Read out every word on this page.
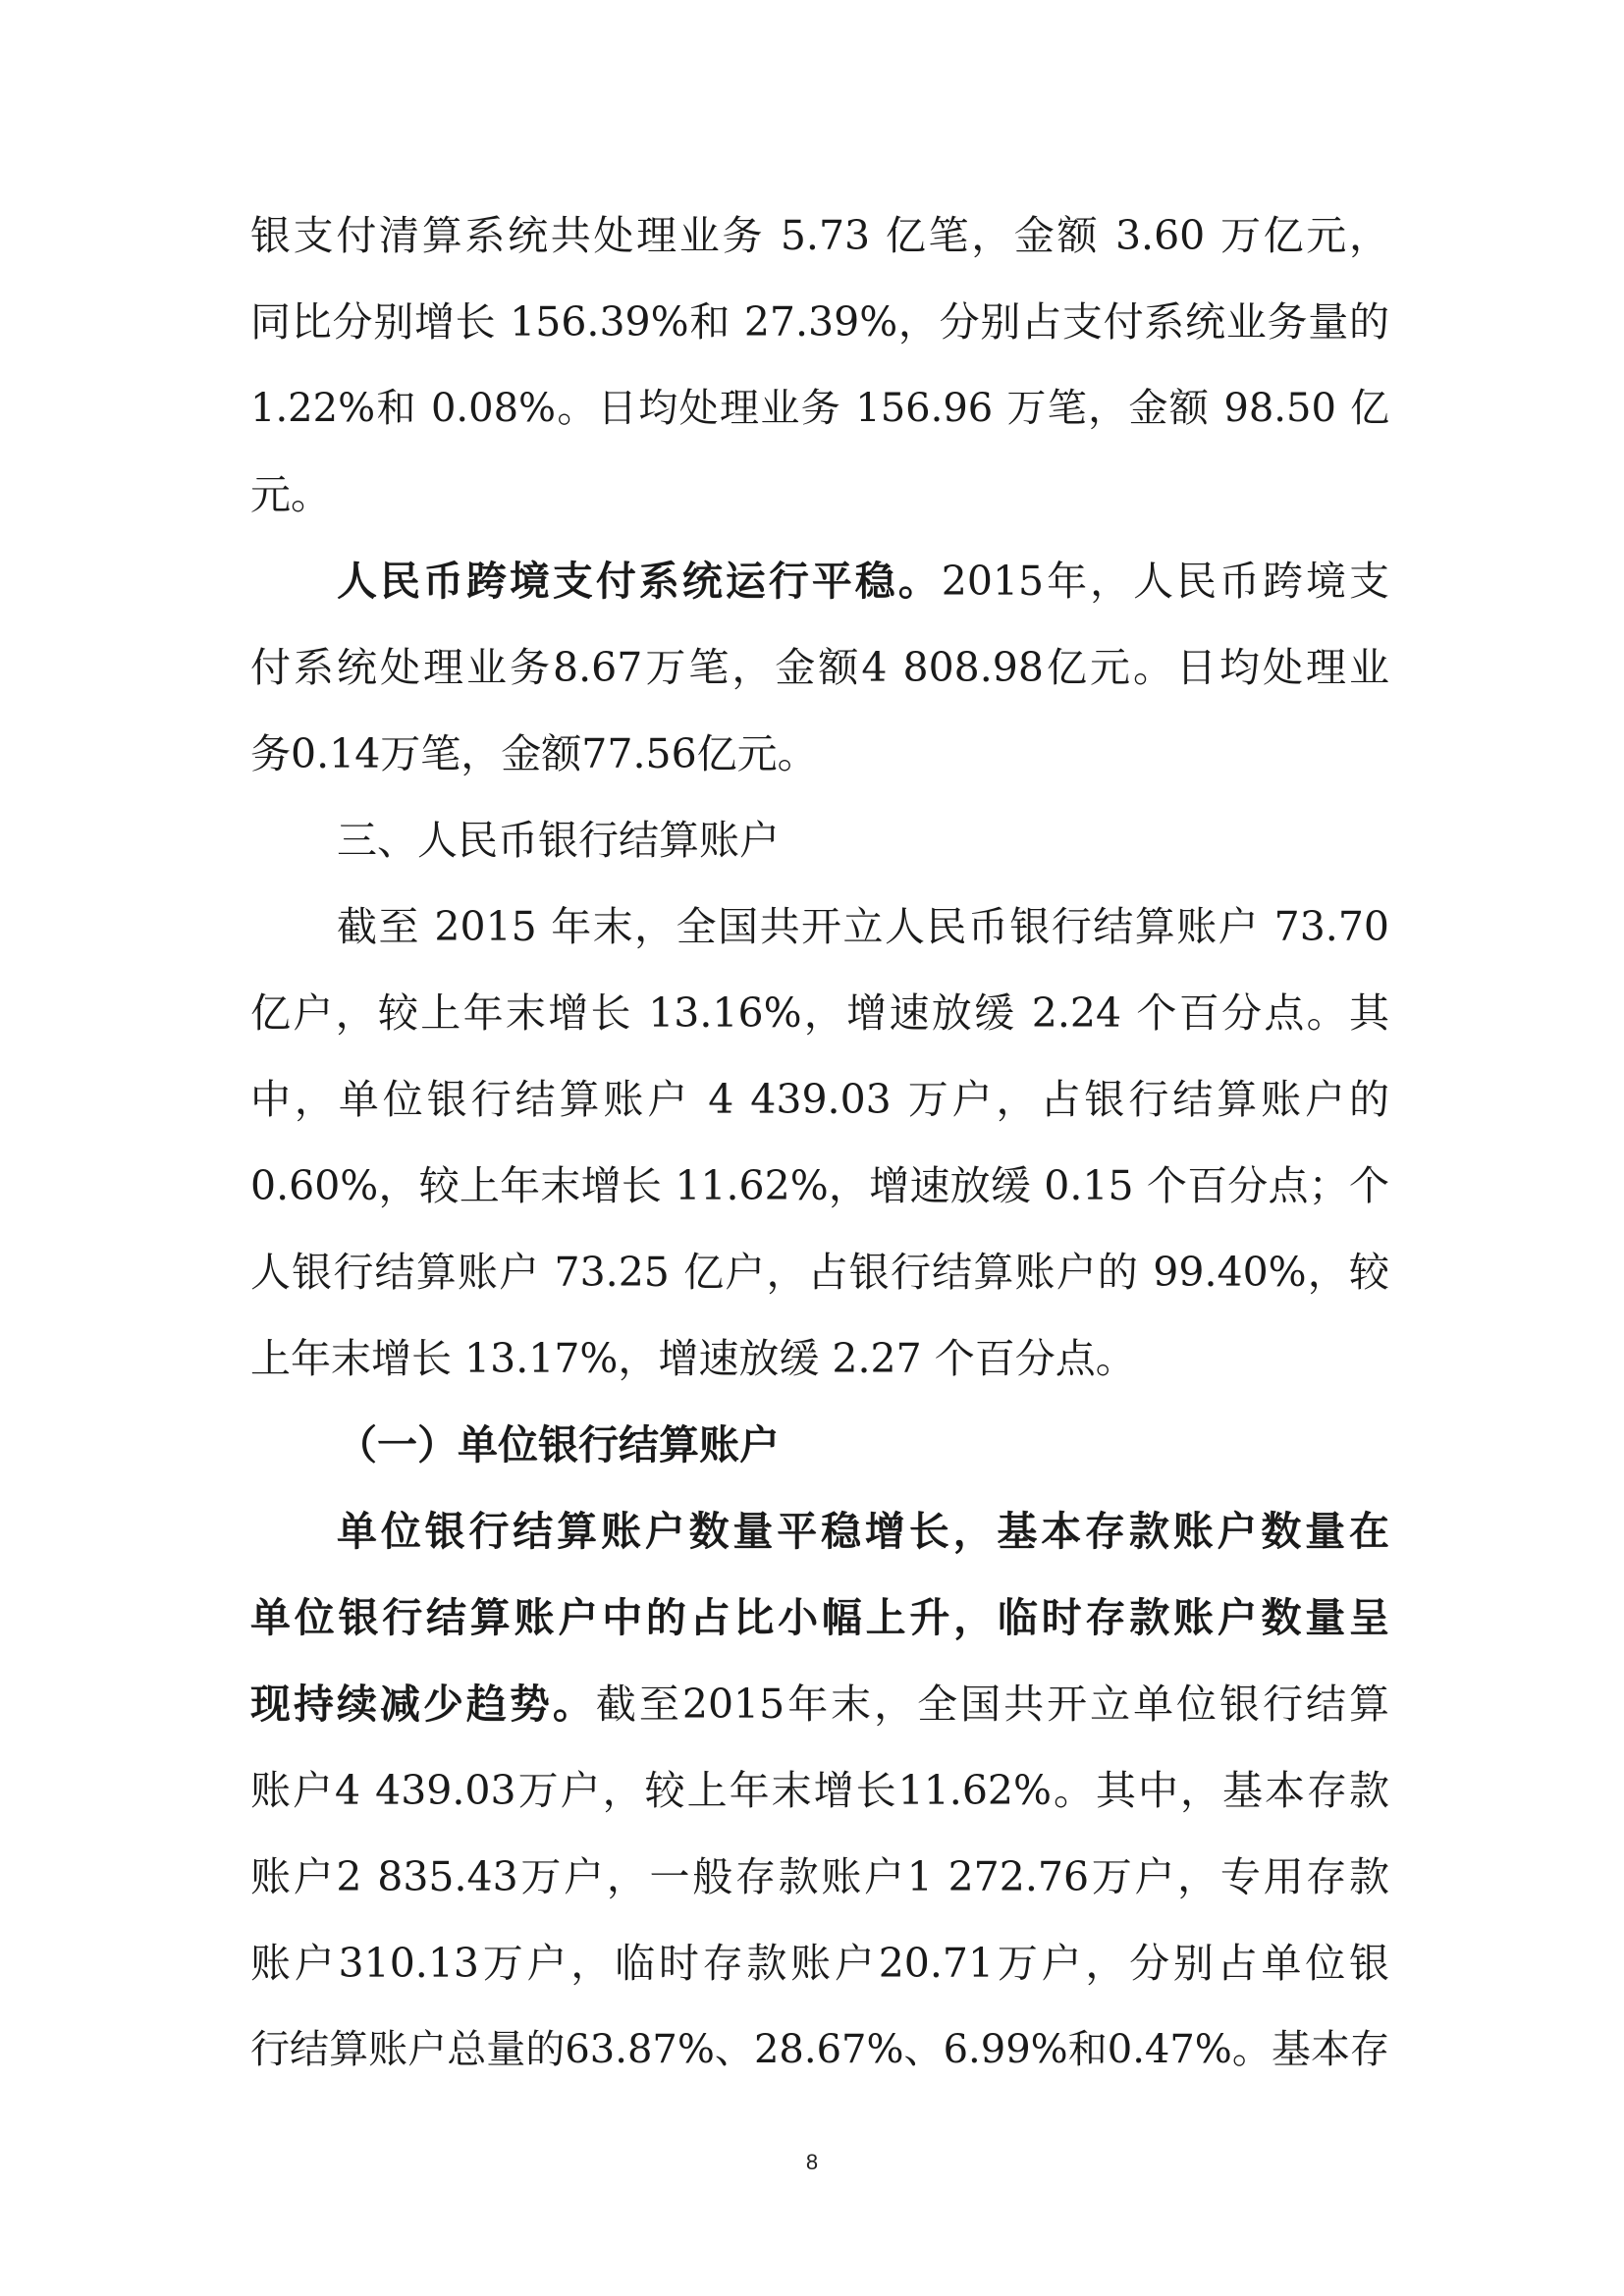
银支付清算系统共处理业务 5.73 亿笔，金额 3.60 万亿元，
同比分别增长 156.39%和 27.39%，分别占支付系统业务量的
1.22%和 0.08%。日均处理业务 156.96 万笔，金额 98.50 亿
元。
人民币跨境支付系统运行平稳。2015年，人民币跨境支
付系统处理业务8.67万笔，金额4 808.98亿元。日均处理业
务0.14万笔，金额77.56亿元。
三、人民币银行结算账户
截至 2015 年末，全国共开立人民币银行结算账户 73.70
亿户，较上年末增长 13.16%，增速放缓 2.24 个百分点。其
中，单位银行结算账户 4 439.03 万户，占银行结算账户的
0.60%，较上年末增长 11.62%，增速放缓 0.15 个百分点；个
人银行结算账户 73.25 亿户，占银行结算账户的 99.40%，较
上年末增长 13.17%，增速放缓 2.27 个百分点。
（一）单位银行结算账户
单位银行结算账户数量平稳增长，基本存款账户数量在
单位银行结算账户中的占比小幅上升，临时存款账户数量呈
现持续减少趋势。截至2015年末，全国共开立单位银行结算
账户4 439.03万户，较上年末增长11.62%。其中，基本存款
账户2 835.43万户，一般存款账户1 272.76万户，专用存款
账户310.13万户，临时存款账户20.71万户，分别占单位银
行结算账户总量的63.87%、28.67%、6.99%和0.47%。基本存
8
